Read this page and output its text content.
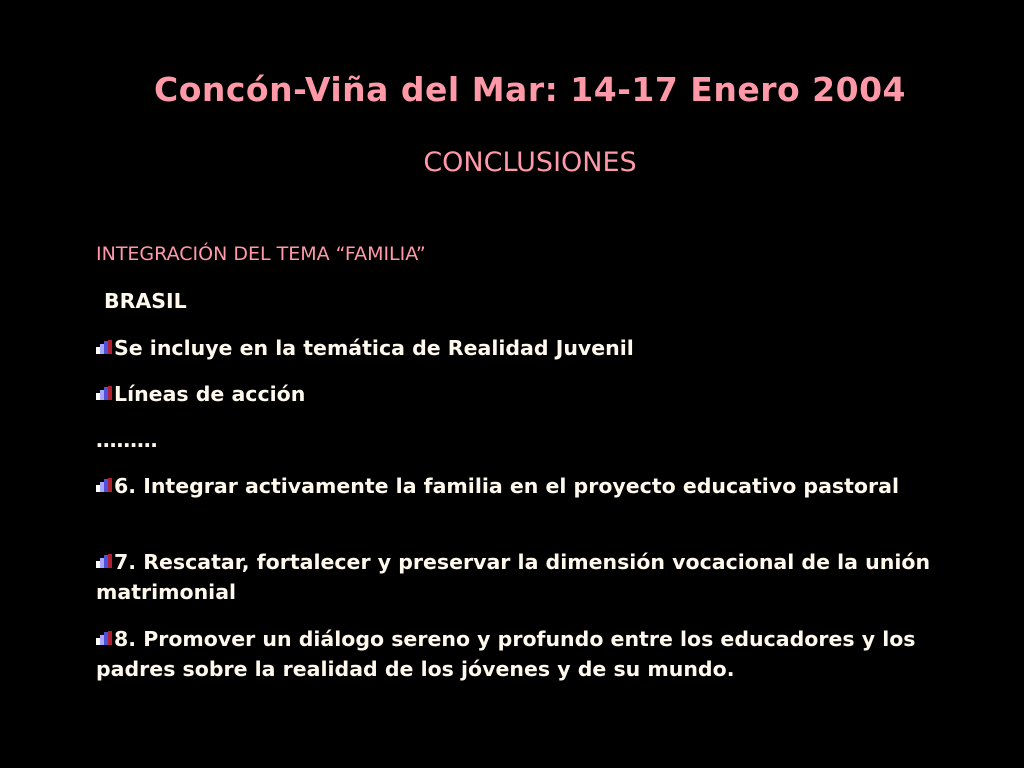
Concón-Viña del Mar: 14-17 Enero 2004
CONCLUSIONES
INTEGRACIÓN DEL TEMA “FAMILIA”
BRASIL
Se incluye en la temática de Realidad Juvenil
Líneas de acción
………
6. Integrar activamente la familia en el proyecto educativo pastoral
7. Rescatar, fortalecer y preservar la dimensión vocacional de la unión matrimonial
8. Promover un diálogo sereno y profundo entre los educadores y los padres sobre la realidad de los jóvenes y de su mundo.
